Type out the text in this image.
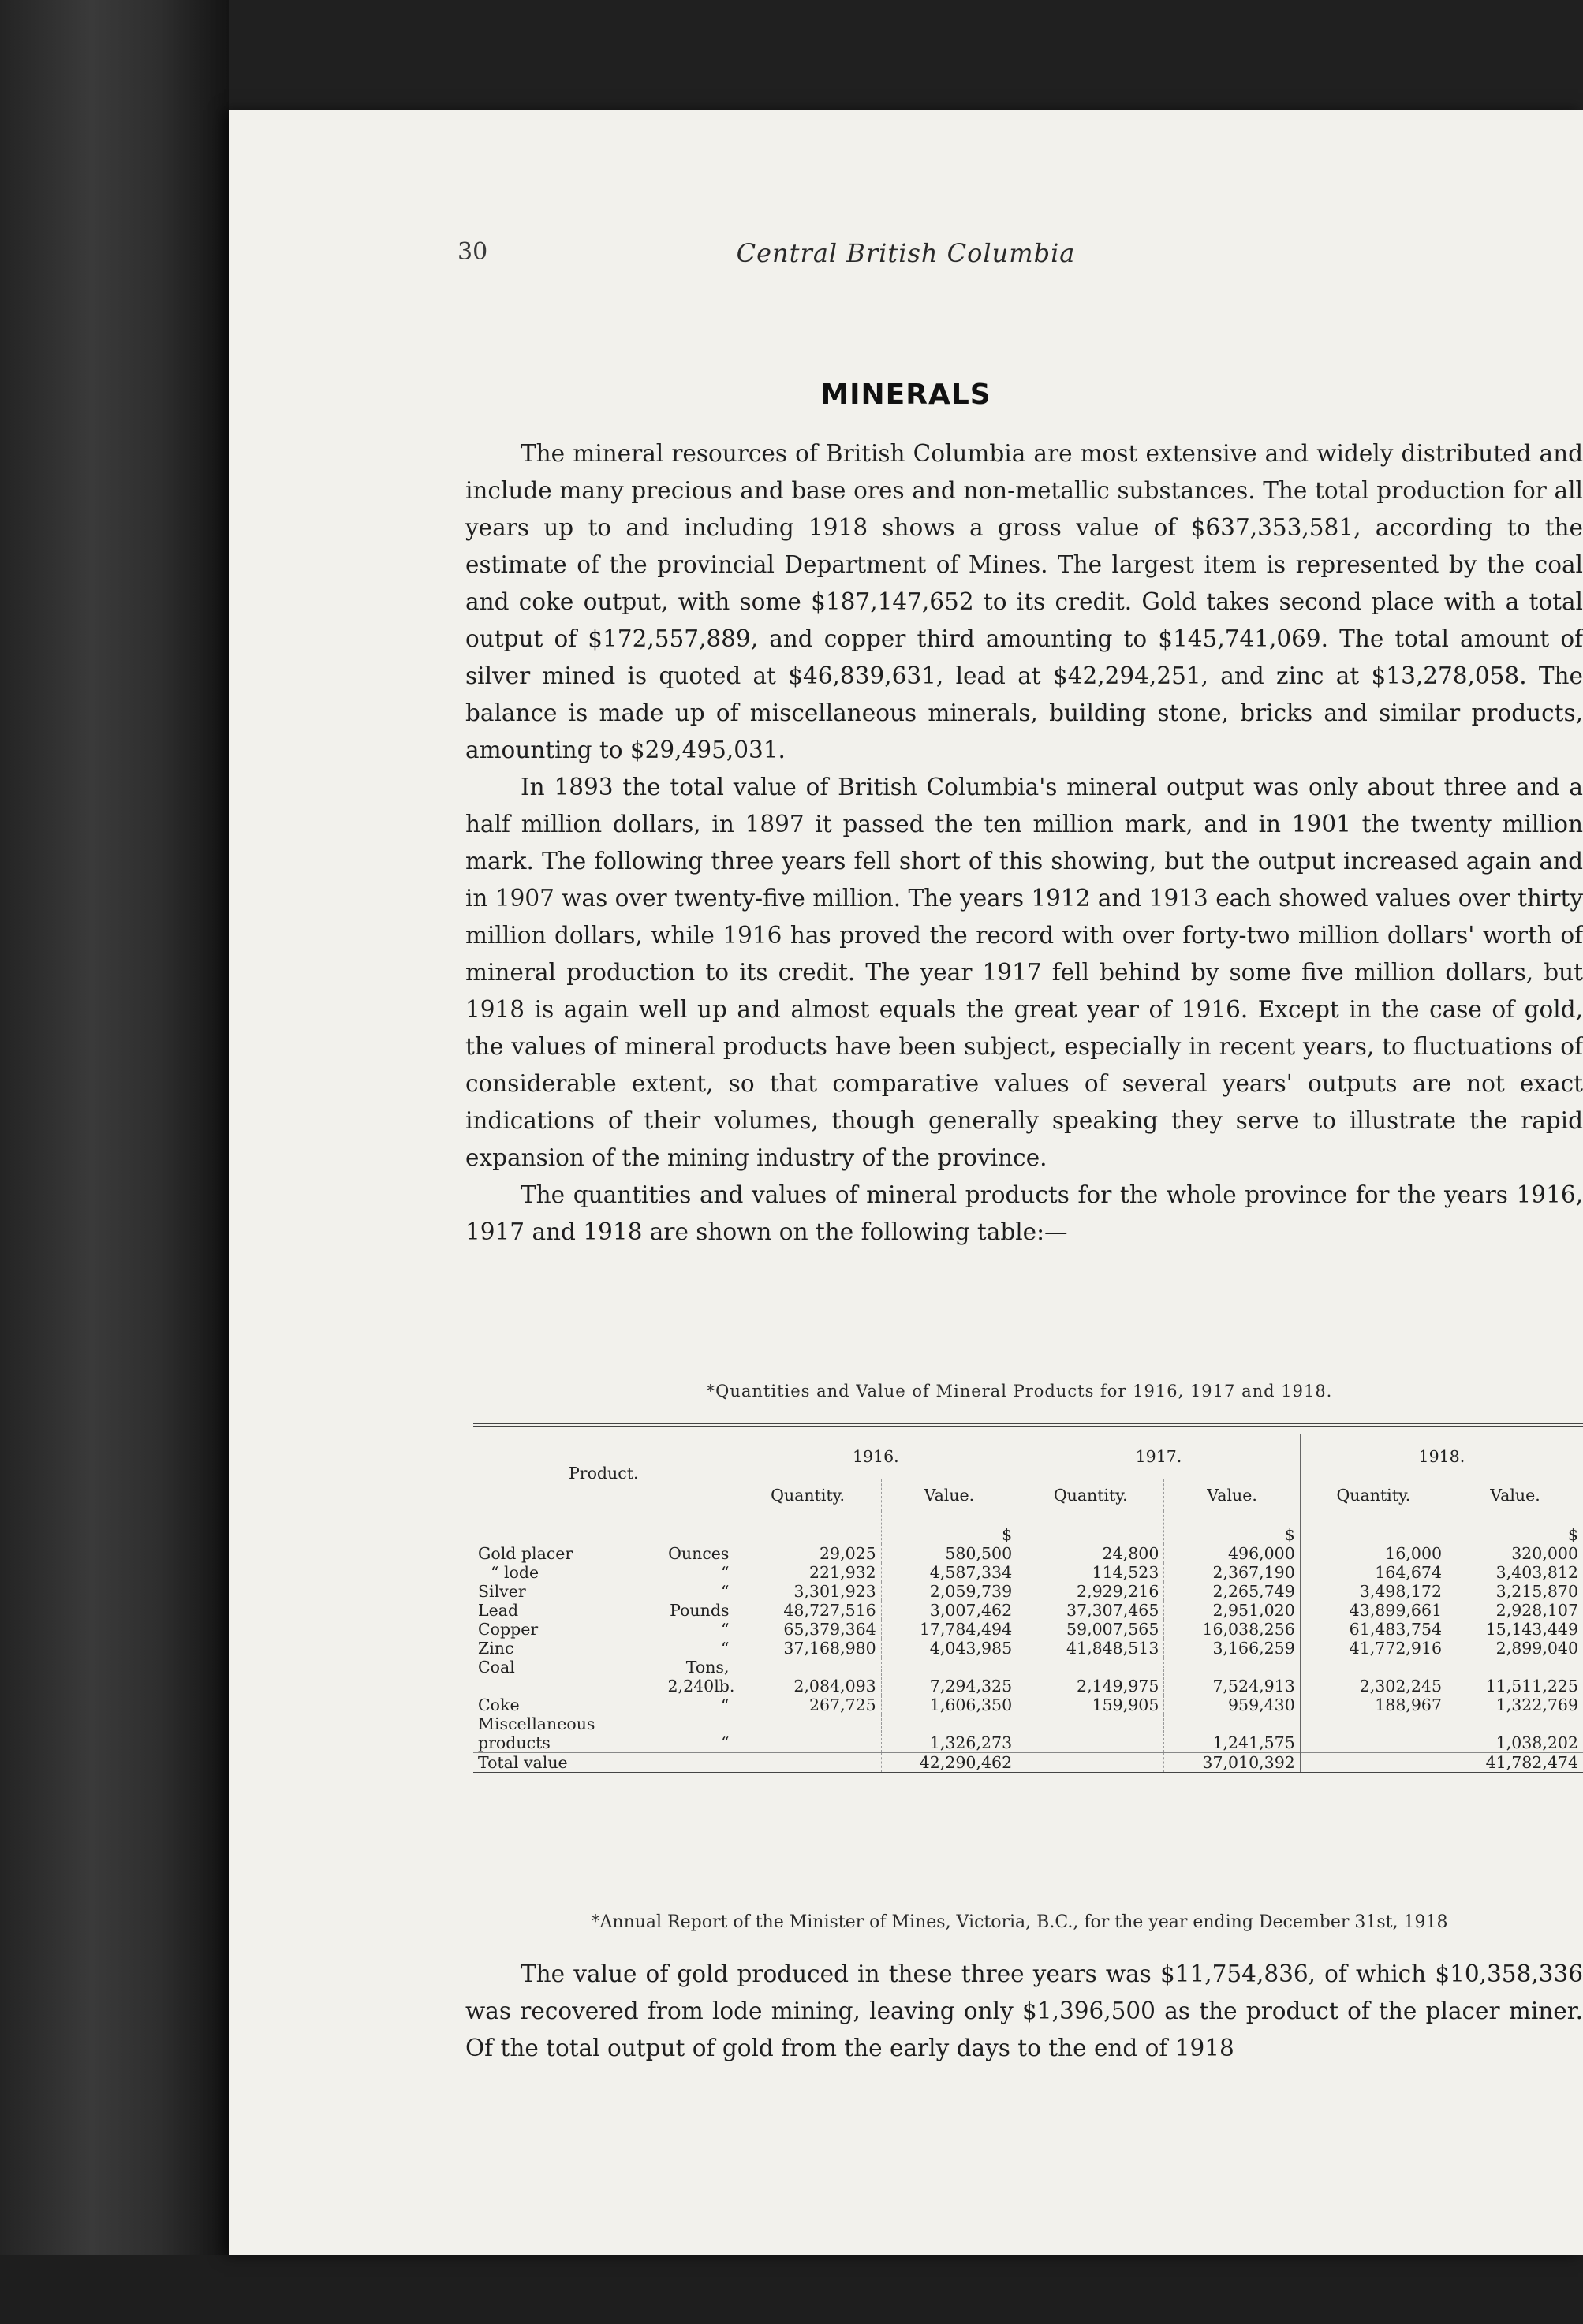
30	Central British Columbia
MINERALS

The mineral resources of British Columbia are most extensive and widely distributed and include many precious and base ores and non-metallic substances. The total production for all years up to and including 1918 shows a gross value of $637,353,581, according to the estimate of the provincial Department of Mines. The largest item is represented by the coal and coke output, with some $187,147,652 to its credit. Gold takes second place with a total output of $172,557,889, and copper third amounting to $145,741,069. The total amount of silver mined is quoted at $46,839,631, lead at $42,294,251, and zinc at $13,278,058. The balance is made up of miscellaneous minerals, building stone, bricks and similar products, amounting to $29,495,031.

In 1893 the total value of British Columbia's mineral output was only about three and a half million dollars, in 1897 it passed the ten million mark, and in 1901 the twenty million mark. The following three years fell short of this showing, but the output increased again and in 1907 was over twenty-five million. The years 1912 and 1913 each showed values over thirty million dollars, while 1916 has proved the record with over forty-two million dollars' worth of mineral production to its credit. The year 1917 fell behind by some five million dollars, but 1918 is again well up and almost equals the great year of 1916. Except in the case of gold, the values of mineral products have been subject, especially in recent years, to fluctuations of considerable extent, so that comparative values of several years' outputs are not exact indications of their volumes, though generally speaking they serve to illustrate the rapid expansion of the mining industry of the province.

The quantities and values of mineral products for the whole province for the years 1916, 1917 and 1918 are shown on the following table:—

*Quantities and Value of Mineral Products for 1916, 1917 and 1918.

Product.		1916.		1917.		1918.	
		Quantity.	Value.	Quantity.	Value.	Quantity.	Value.
			$		$		$
Gold placer	Ounces	29,025	580,500	24,800	496,000	16,000	320,000
“ lode	“	221,932	4,587,334	114,523	2,367,190	164,674	3,403,812
Silver	“	3,301,923	2,059,739	2,929,216	2,265,749	3,498,172	3,215,870
Lead	Pounds	48,727,516	3,007,462	37,307,465	2,951,020	43,899,661	2,928,107
Copper	“	65,379,364	17,784,494	59,007,565	16,038,256	61,483,754	15,143,449
Zinc	“	37,168,980	4,043,985	41,848,513	3,166,259	41,772,916	2,899,040
Coal	Tons, 2,240lb.	2,084,093	7,294,325	2,149,975	7,524,913	2,302,245	11,511,225
Coke	“	267,725	1,606,350	159,905	959,430	188,967	1,322,769
Miscellaneous products	“		1,326,273		1,241,575		1,038,202
Total value			42,290,462		37,010,392		41,782,474

*Annual Report of the Minister of Mines, Victoria, B.C., for the year ending December 31st, 1918

The value of gold produced in these three years was $11,754,836, of which $10,358,336 was recovered from lode mining, leaving only $1,396,500 as the product of the placer miner. Of the total output of gold from the early days to the end of 1918
